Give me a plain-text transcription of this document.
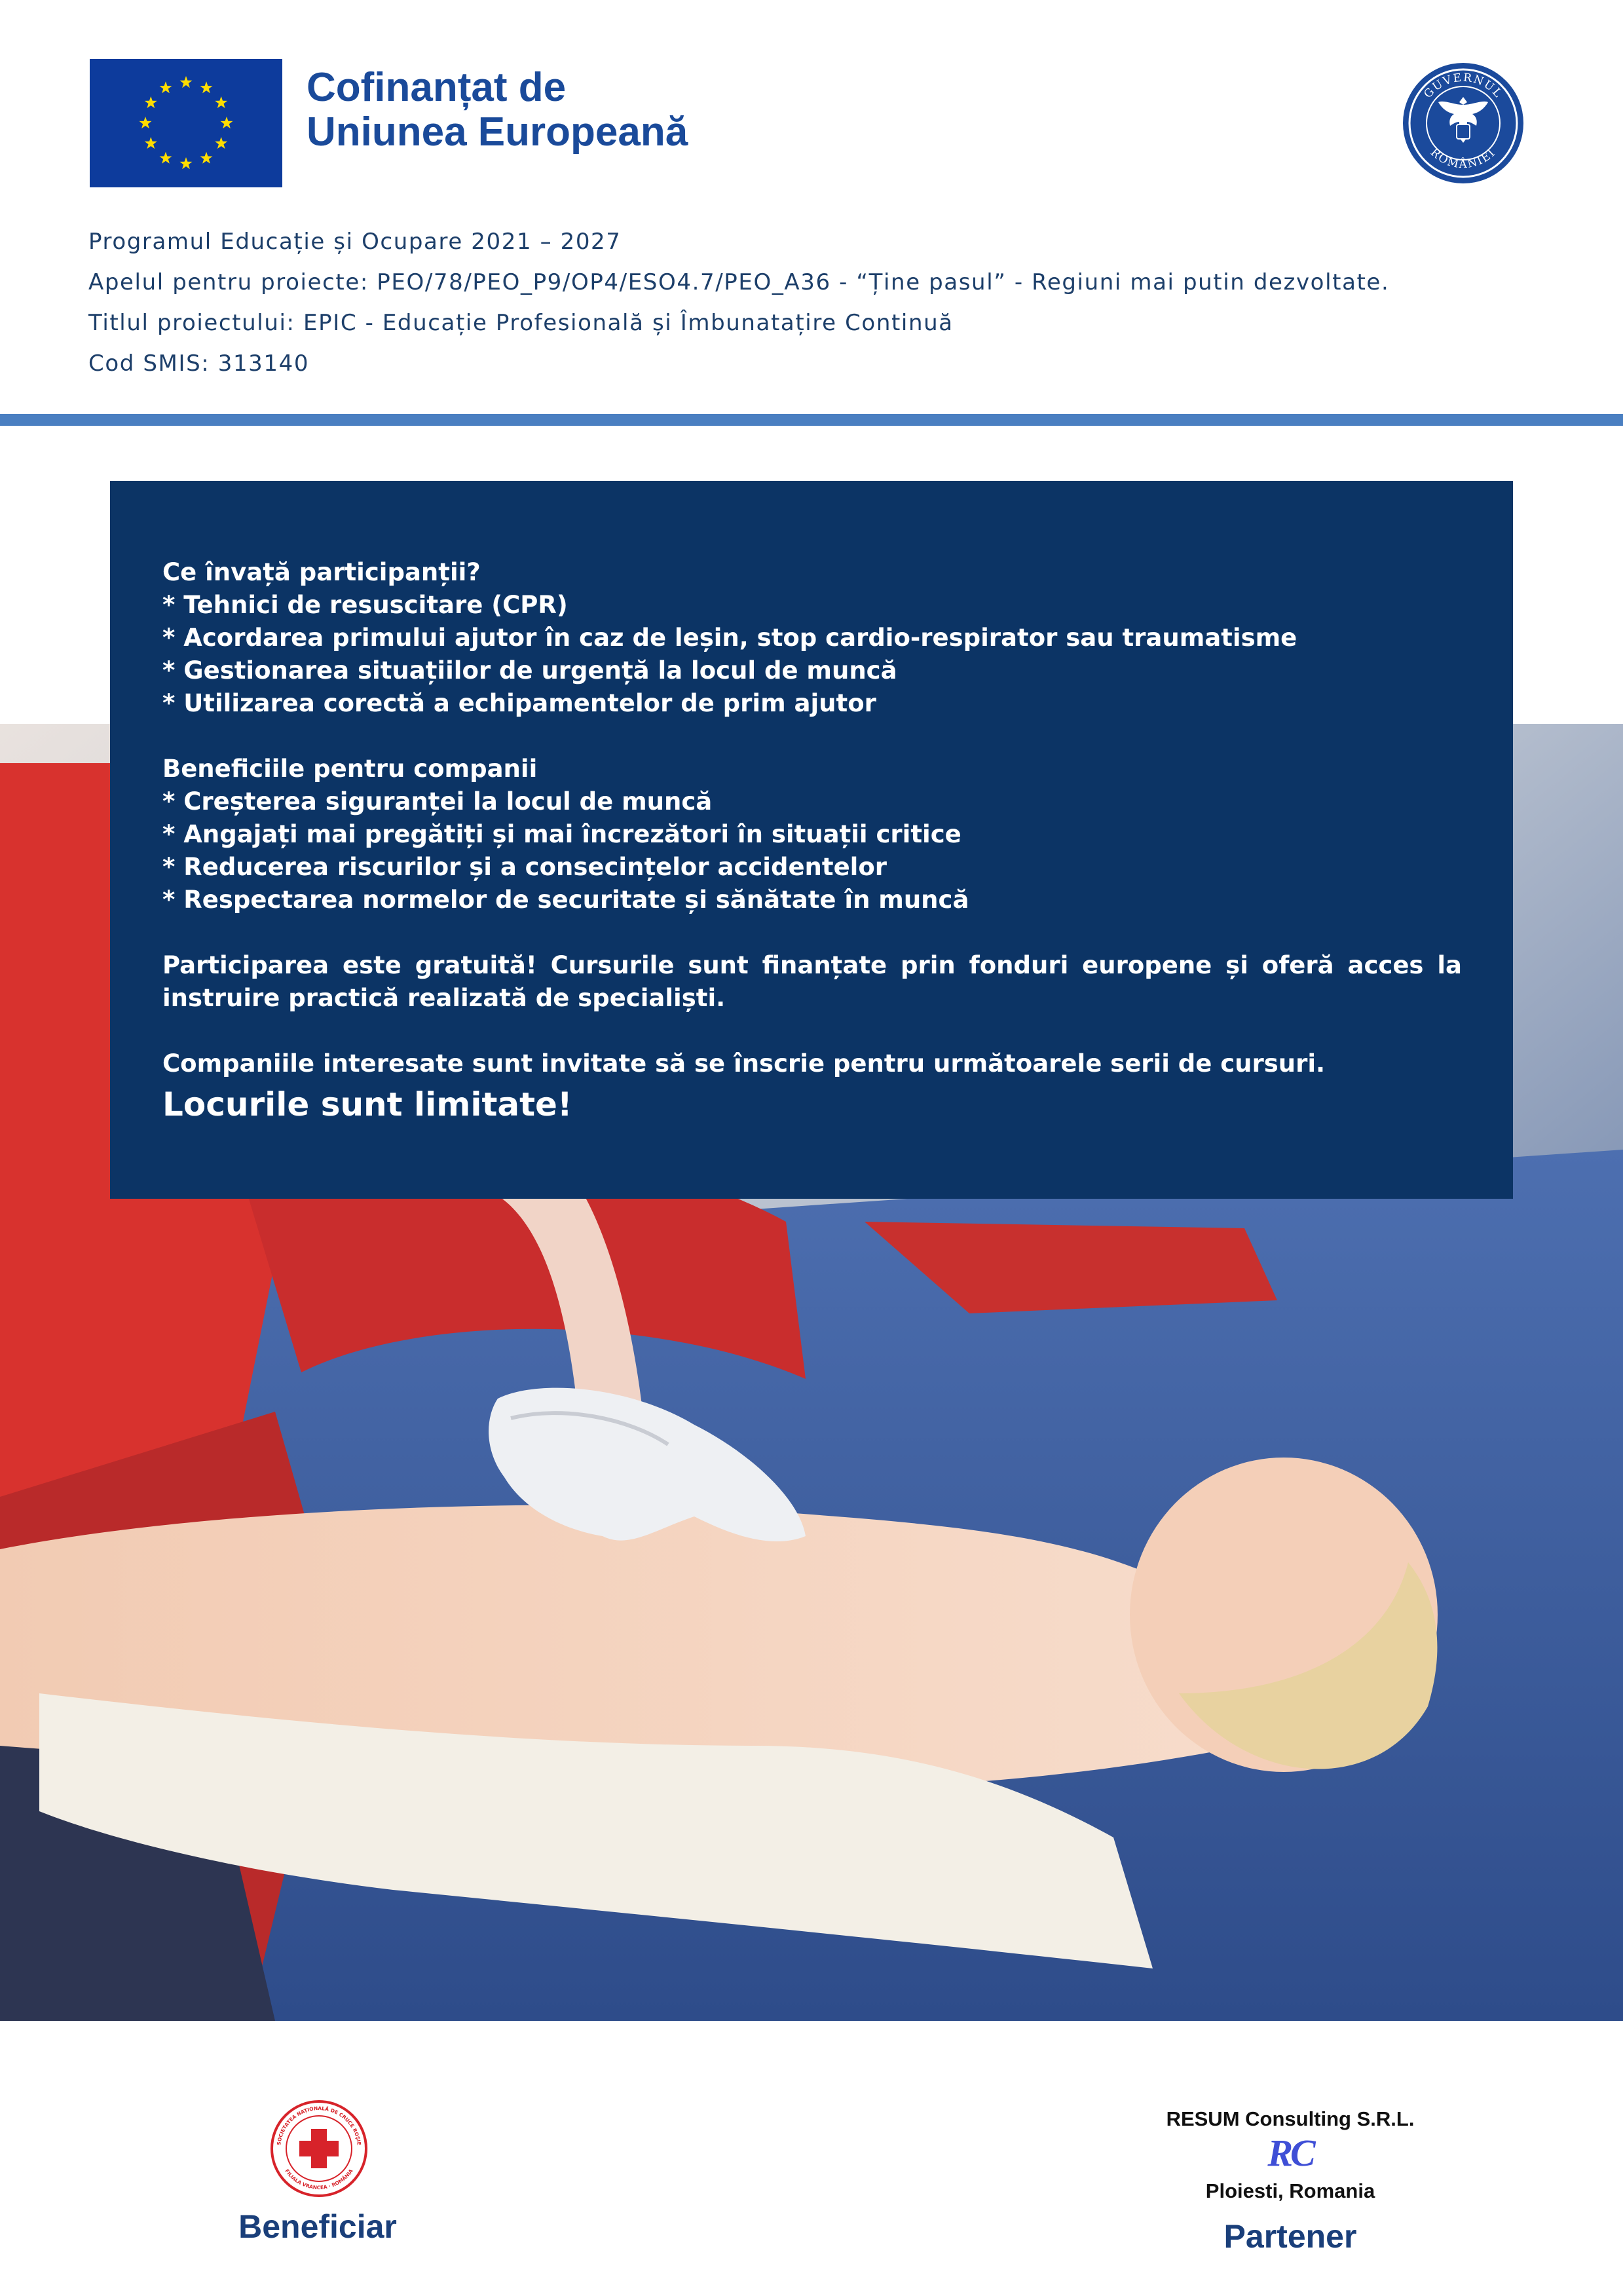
Cofinanțat de
Uniunea Europeană
GUVERNUL
ROMÂNIEI
Programul Educație și Ocupare 2021 – 2027
Apelul pentru proiecte: PEO/78/PEO_P9/OP4/ESO4.7/PEO_A36 - “Ține pasul” - Regiuni mai putin dezvoltate.
Titlul proiectului: EPIC - Educație Profesională și Îmbunatațire Continuă
Cod SMIS: 313140
Ce învață participanții?
* Tehnici de resuscitare (CPR)
* Acordarea primului ajutor în caz de leșin, stop cardio-respirator sau traumatisme
* Gestionarea situațiilor de urgență la locul de muncă
* Utilizarea corectă a echipamentelor de prim ajutor
Beneficiile pentru companii
* Creșterea siguranței la locul de muncă
* Angajați mai pregătiți și mai încrezători în situații critice
* Reducerea riscurilor și a consecințelor accidentelor
* Respectarea normelor de securitate și sănătate în muncă
Participarea este gratuită! Cursurile sunt finanțate prin fonduri europene și oferă acces la instruire practică realizată de specialiști.
Companiile interesate sunt invitate să se înscrie pentru următoarele serii de cursuri.
Locurile sunt limitate!
SOCIETATEA NAȚIONALĂ DE CRUCE ROȘIE
FILIALA VRANCEA · ROMÂNIA
Beneficiar
RESUM Consulting S.R.L.
RC
Ploiesti, Romania
Partener
